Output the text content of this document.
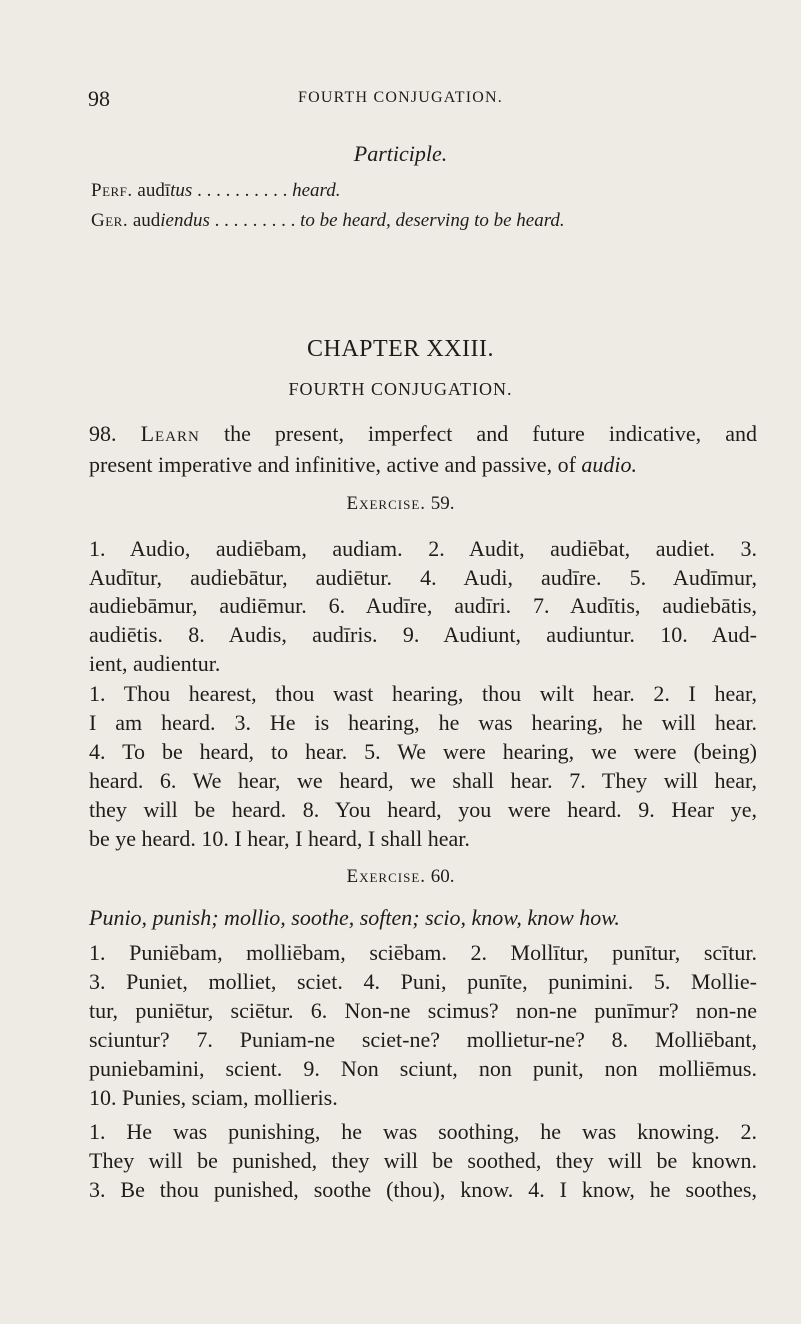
98	FOURTH CONJUGATION.
Participle.
Perf. audītus . . . . . . . . . . heard.
Ger. audiendus . . . . . . . . . to be heard, deserving to be heard.
CHAPTER XXIII.
FOURTH CONJUGATION.
98. Learn the present, imperfect and future indicative, and
present imperative and infinitive, active and passive, of audio.
Exercise. 59.
1. Audio, audiēbam, audiam. 2. Audit, audiēbat, audiet. 3.
Audītur, audiebātur, audiētur. 4. Audi, audīre. 5. Audīmur,
audiebāmur, audiēmur. 6. Audīre, audīri. 7. Audītis, audiebātis,
audiētis. 8. Audis, audīris. 9. Audiunt, audiuntur. 10. Aud-
ient, audientur.
1. Thou hearest, thou wast hearing, thou wilt hear. 2. I hear,
I am heard. 3. He is hearing, he was hearing, he will hear.
4. To be heard, to hear. 5. We were hearing, we were (being)
heard. 6. We hear, we heard, we shall hear. 7. They will hear,
they will be heard. 8. You heard, you were heard. 9. Hear ye,
be ye heard. 10. I hear, I heard, I shall hear.
Exercise. 60.
Punio, punish; mollio, soothe, soften; scio, know, know how.
1. Puniēbam, molliēbam, sciēbam. 2. Mollītur, punītur, scītur.
3. Puniet, molliet, sciet. 4. Puni, punīte, punimini. 5. Mollie-
tur, puniētur, sciētur. 6. Non-ne scimus? non-ne punīmur? non-ne
sciuntur? 7. Puniam-ne sciet-ne? mollietur-ne? 8. Molliēbant,
puniebamini, scient. 9. Non sciunt, non punit, non molliēmus.
10. Punies, sciam, mollieris.
1. He was punishing, he was soothing, he was knowing. 2.
They will be punished, they will be soothed, they will be known.
3. Be thou punished, soothe (thou), know. 4. I know, he soothes,
